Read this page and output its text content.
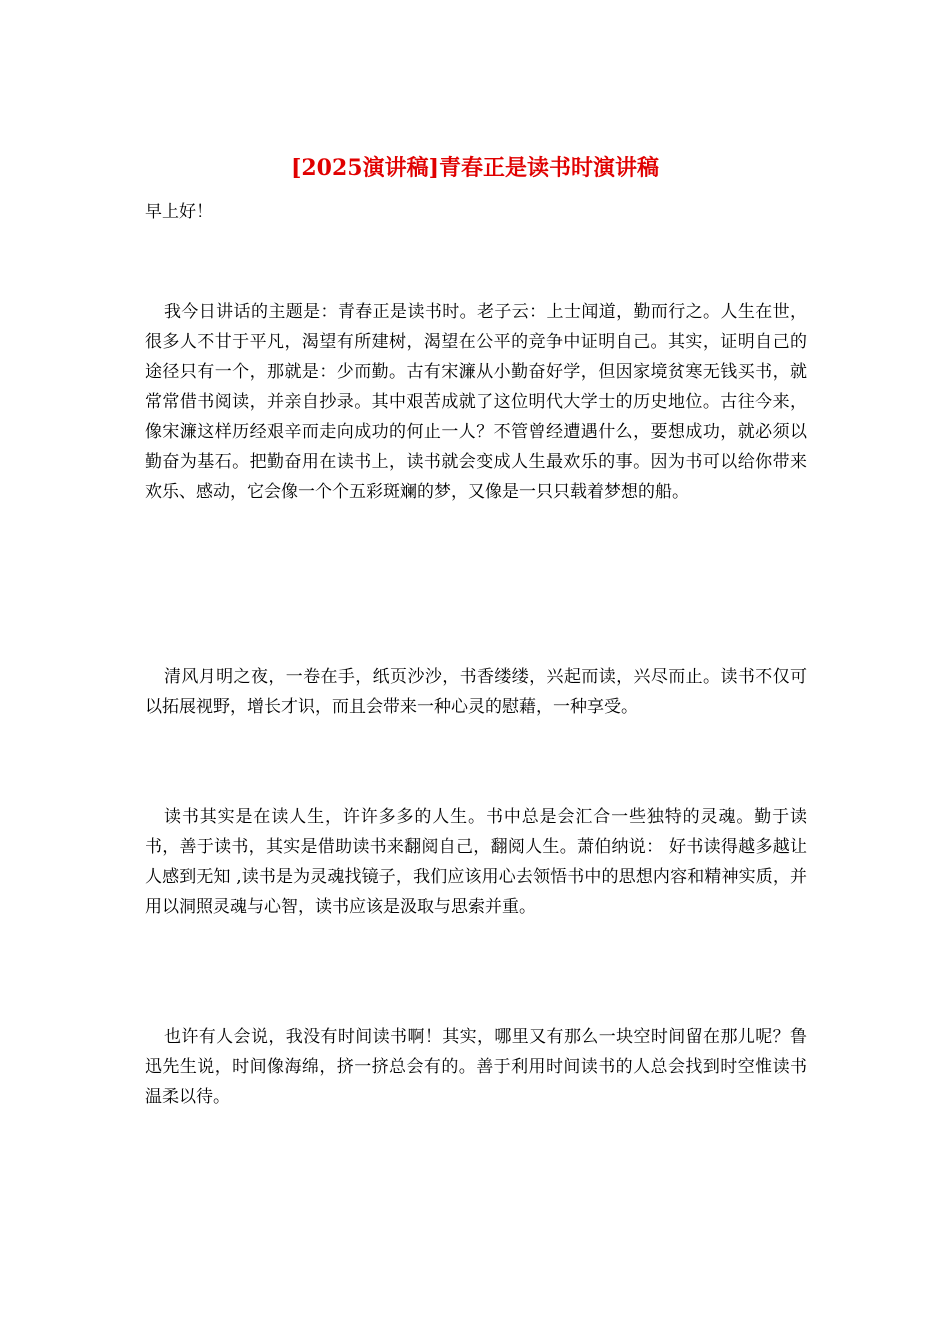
[2025演讲稿]青春正是读书时演讲稿

早上好！

我今日讲话的主题是：青春正是读书时。老子云：上士闻道，勤而行之。人生在世，很多人不甘于平凡，渴望有所建树，渴望在公平的竞争中证明自己。其实，证明自己的途径只有一个，那就是：少而勤。古有宋濂从小勤奋好学，但因家境贫寒无钱买书，就常常借书阅读，并亲自抄录。其中艰苦成就了这位明代大学士的历史地位。古往今来，像宋濂这样历经艰辛而走向成功的何止一人？不管曾经遭遇什么，要想成功，就必须以勤奋为基石。把勤奋用在读书上，读书就会变成人生最欢乐的事。因为书可以给你带来欢乐、感动，它会像一个个五彩斑斓的梦，又像是一只只载着梦想的船。

清风月明之夜，一卷在手，纸页沙沙，书香缕缕，兴起而读，兴尽而止。读书不仅可以拓展视野，增长才识，而且会带来一种心灵的慰藉，一种享受。

读书其实是在读人生，许许多多的人生。书中总是会汇合一些独特的灵魂。勤于读书，善于读书，其实是借助读书来翻阅自己，翻阅人生。萧伯纳说： 好书读得越多越让人感到无知 ,读书是为灵魂找镜子，我们应该用心去领悟书中的思想内容和精神实质，并用以洞照灵魂与心智，读书应该是汲取与思索并重。

也许有人会说，我没有时间读书啊！其实，哪里又有那么一块空时间留在那儿呢？鲁迅先生说，时间像海绵，挤一挤总会有的。善于利用时间读书的人总会找到时空惟读书温柔以待。
